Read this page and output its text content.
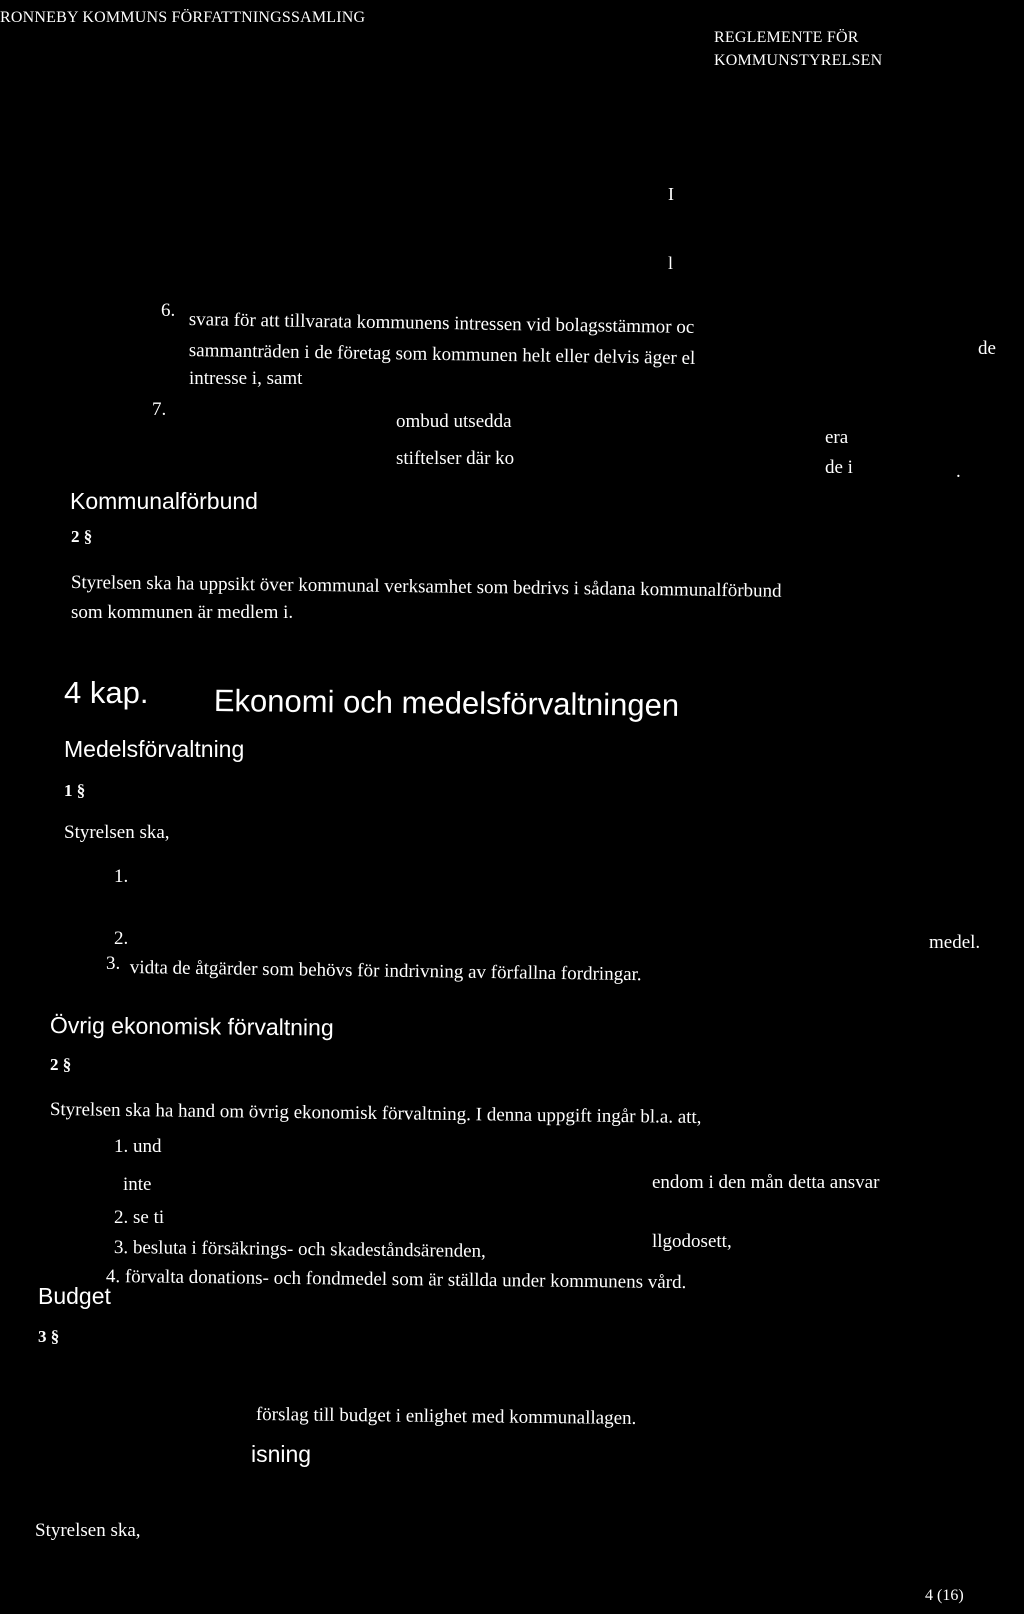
RONNEBY KOMMUNS FÖRFATTNINGSSAMLING
REGLEMENTE FÖR
KOMMUNSTYRELSEN
I
l
6. svara för att tillvarata kommunens intressen vid bolagsstämmor oc
de
sammanträden i de företag som kommunen helt eller delvis äger el
intresse i, samt
7.
ombud utsedda
era
stiftelser där ko	de i	.
Kommunalförbund
2 §
Styrelsen ska ha uppsikt över kommunal verksamhet som bedrivs i sådana kommunalförbund
som kommunen är medlem i.
4 kap. Ekonomi och medelsförvaltningen
Medelsförvaltning
1 §
Styrelsen ska,
1.
2.	medel.
3. vidta de åtgärder som behövs för indrivning av förfallna fordringar.
Övrig ekonomisk förvaltning
2 §
Styrelsen ska ha hand om övrig ekonomisk förvaltning. I denna uppgift ingår bl.a. att,
1. und
inte	endom i den mån detta ansvar
2. se ti
llgodosett,
3. besluta i försäkrings- och skadeståndsärenden,
4. förvalta donations- och fondmedel som är ställda under kommunens vård.
Budget
3 §
förslag till budget i enlighet med kommunallagen.
isning
Styrelsen ska,
4 (16)
